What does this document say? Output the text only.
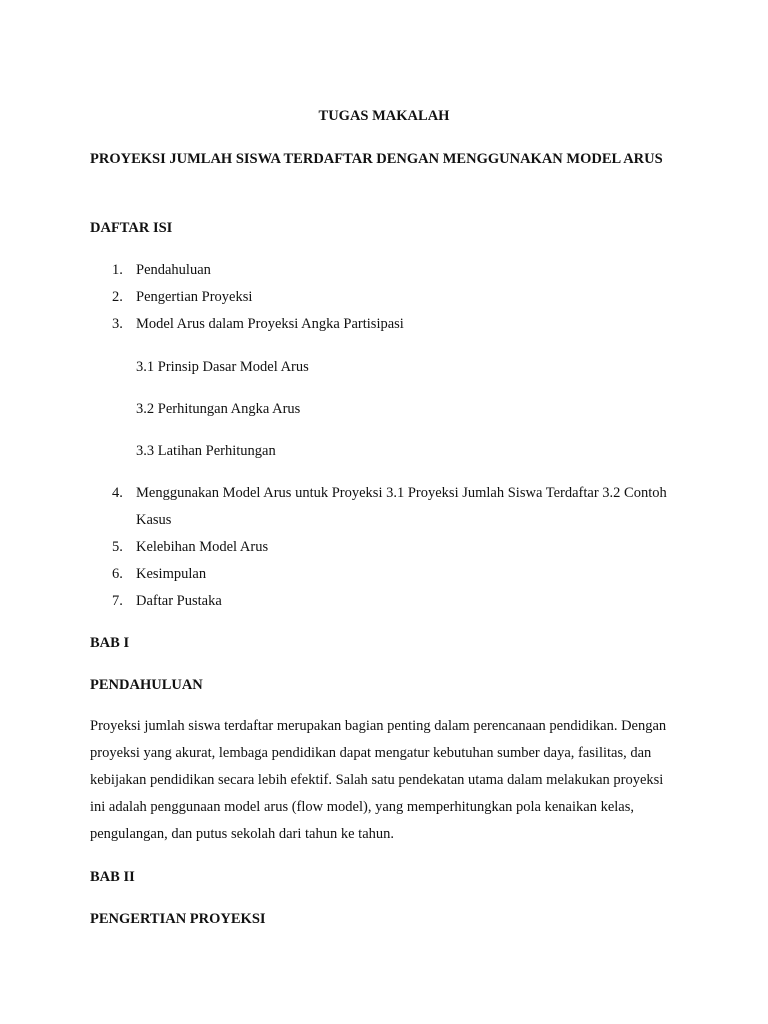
TUGAS MAKALAH
PROYEKSI JUMLAH SISWA TERDAFTAR DENGAN MENGGUNAKAN MODEL ARUS
DAFTAR ISI
1. Pendahuluan
2. Pengertian Proyeksi
3. Model Arus dalam Proyeksi Angka Partisipasi
3.1 Prinsip Dasar Model Arus
3.2 Perhitungan Angka Arus
3.3 Latihan Perhitungan
4. Menggunakan Model Arus untuk Proyeksi 3.1 Proyeksi Jumlah Siswa Terdaftar 3.2 Contoh Kasus
5. Kelebihan Model Arus
6. Kesimpulan
7. Daftar Pustaka
BAB I
PENDAHULUAN
Proyeksi jumlah siswa terdaftar merupakan bagian penting dalam perencanaan pendidikan. Dengan proyeksi yang akurat, lembaga pendidikan dapat mengatur kebutuhan sumber daya, fasilitas, dan kebijakan pendidikan secara lebih efektif. Salah satu pendekatan utama dalam melakukan proyeksi ini adalah penggunaan model arus (flow model), yang memperhitungkan pola kenaikan kelas, pengulangan, dan putus sekolah dari tahun ke tahun.
BAB II
PENGERTIAN PROYEKSI
